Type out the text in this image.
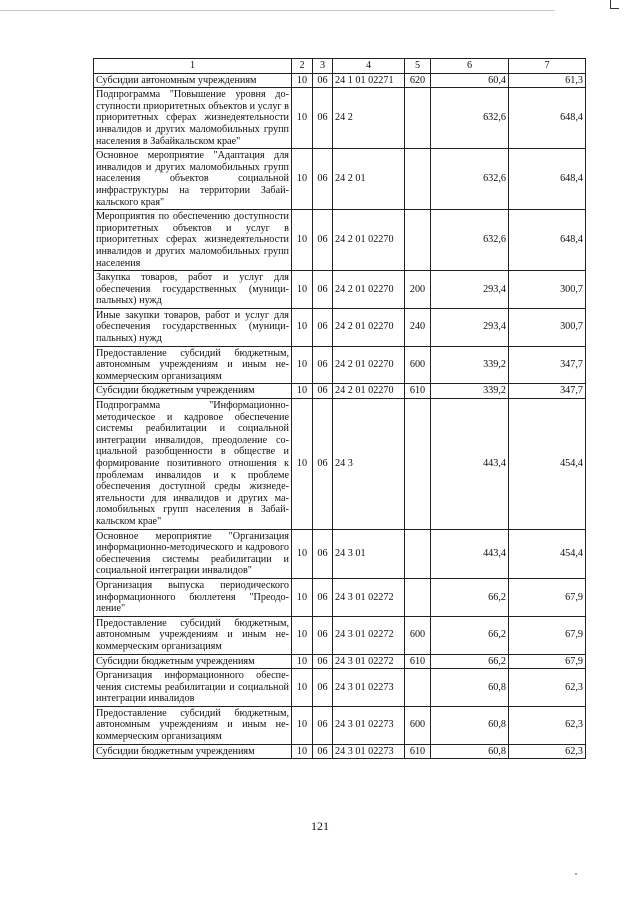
1	2	3	4	5	6	7
Субсидии автономным учреждениям	10	06	24 1 01 02271	620	60,4	61,3
Подпрограмма "Повышение уровня доступности приоритетных объектов и услуг в приоритетных сферах жизнедеятельности инвалидов и других маломобильных групп населения в Забайкальском крае"	10	06	24 2		632,6	648,4
Основное мероприятие "Адаптация для инвалидов и других маломобильных групп населения объектов социальной инфраструктуры на территории Забайкальского края"	10	06	24 2 01		632,6	648,4
Мероприятия по обеспечению доступности приоритетных объектов и услуг в приоритетных сферах жизнедеятельности инвалидов и других маломобильных групп населения	10	06	24 2 01 02270		632,6	648,4
Закупка товаров, работ и услуг для обеспечения государственных (муниципальных) нужд	10	06	24 2 01 02270	200	293,4	300,7
Иные закупки товаров, работ и услуг для обеспечения государственных (муниципальных) нужд	10	06	24 2 01 02270	240	293,4	300,7
Предоставление субсидий бюджетным, автономным учреждениям и иным некоммерческим организациям	10	06	24 2 01 02270	600	339,2	347,7
Субсидии бюджетным учреждениям	10	06	24 2 01 02270	610	339,2	347,7
Подпрограмма "Информационно-методическое и кадровое обеспечение системы реабилитации и социальной интеграции инвалидов, преодоление социальной разобщенности в обществе и формирование позитивного отношения к проблемам инвалидов и к проблеме обеспечения доступной среды жизнедеятельности для инвалидов и других маломобильных групп населения в Забайкальском крае"	10	06	24 3		443,4	454,4
Основное мероприятие "Организация информационно-методического и кадрового обеспечения системы реабилитации и социальной интеграции инвалидов"	10	06	24 3 01		443,4	454,4
Организация выпуска периодического информационного бюллетеня "Преодоление"	10	06	24 3 01 02272		66,2	67,9
Предоставление субсидий бюджетным, автономным учреждениям и иным некоммерческим организациям	10	06	24 3 01 02272	600	66,2	67,9
Субсидии бюджетным учреждениям	10	06	24 3 01 02272	610	66,2	67,9
Организация информационного обеспечения системы реабилитации и социальной интеграции инвалидов	10	06	24 3 01 02273		60,8	62,3
Предоставление субсидий бюджетным, автономным учреждениям и иным некоммерческим организациям	10	06	24 3 01 02273	600	60,8	62,3
Субсидии бюджетным учреждениям	10	06	24 3 01 02273	610	60,8	62,3
121
